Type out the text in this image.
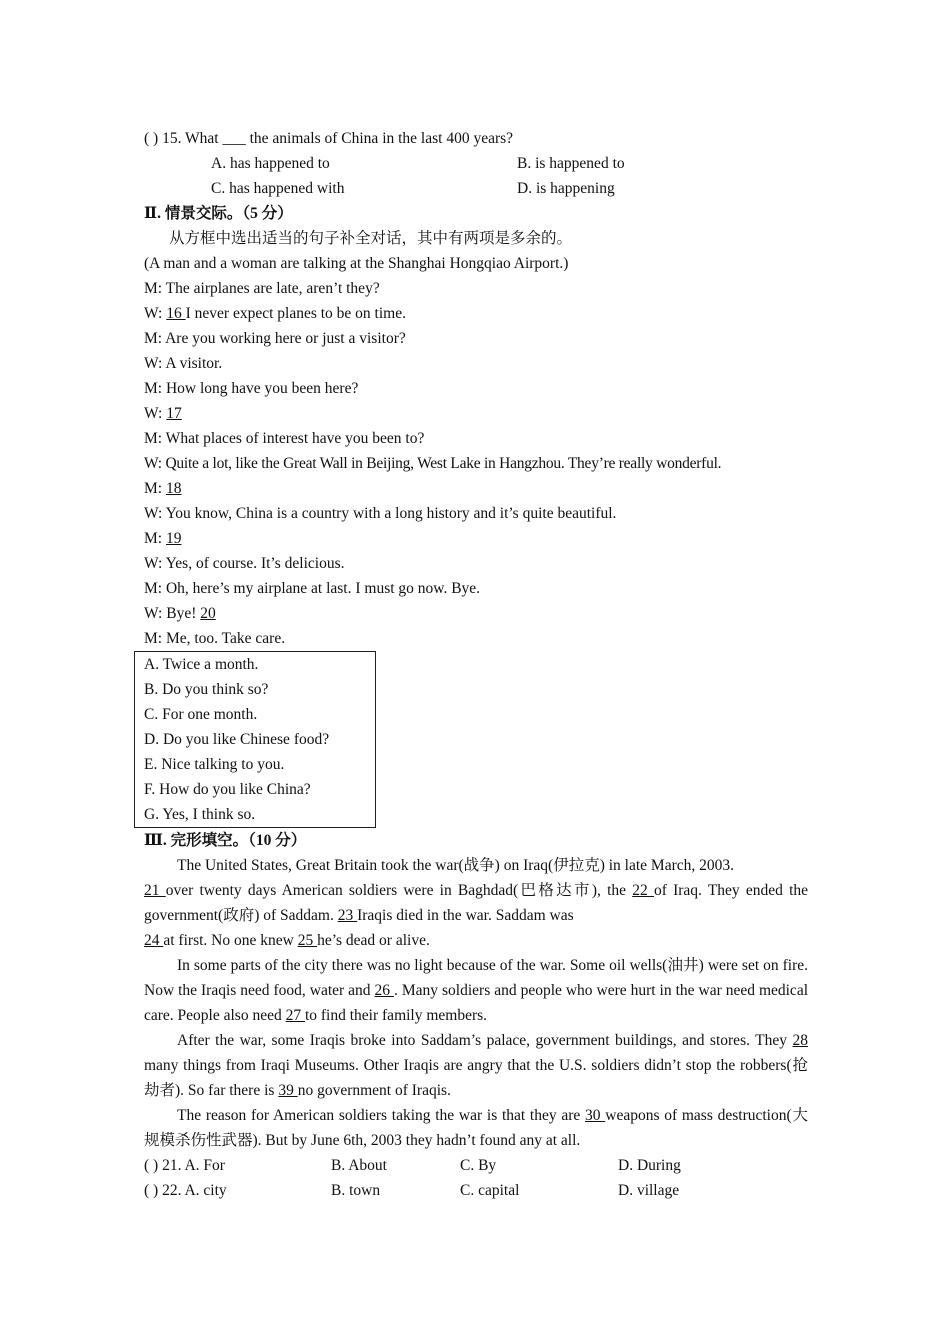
( ) 15. What ___ the animals of China in the last 400 years?
A. has happened to	B. is happened to
C. has happened with	D. is happening
Ⅱ. 情景交际。（5 分）
从方框中选出适当的句子补全对话，其中有两项是多余的。
(A man and a woman are talking at the Shanghai Hongqiao Airport.)
M: The airplanes are late, aren’t they?
W: 16 I never expect planes to be on time.
M: Are you working here or just a visitor?
W: A visitor.
M: How long have you been here?
W: 17
M: What places of interest have you been to?
W: Quite a lot, like the Great Wall in Beijing, West Lake in Hangzhou. They’re really wonderful.
M: 18
W: You know, China is a country with a long history and it’s quite beautiful.
M: 19
W: Yes, of course. It’s delicious.
M: Oh, here’s my airplane at last. I must go now. Bye.
W: Bye! 20
M: Me, too. Take care.
A. Twice a month.
B. Do you think so?
C. For one month.
D. Do you like Chinese food?
E. Nice talking to you.
F. How do you like China?
G. Yes, I think so.
Ⅲ. 完形填空。（10 分）
The United States, Great Britain took the war(战争) on Iraq(伊拉克) in late March, 2003.
21 over twenty days American soldiers were in Baghdad(巴格达市), the 22 of Iraq. They ended the government(政府) of Saddam. 23 Iraqis died in the war. Saddam was
24 at first. No one knew 25 he’s dead or alive.
In some parts of the city there was no light because of the war. Some oil wells(油井) were set on fire. Now the Iraqis need food, water and 26 . Many soldiers and people who were hurt in the war need medical care. People also need 27 to find their family members.
After the war, some Iraqis broke into Saddam’s palace, government buildings, and stores. They 28 many things from Iraqi Museums. Other Iraqis are angry that the U.S. soldiers didn’t stop the robbers(抢劫者). So far there is 39 no government of Iraqis.
The reason for American soldiers taking the war is that they are 30 weapons of mass destruction(大规模杀伤性武器). But by June 6th, 2003 they hadn’t found any at all.
( ) 21. A. For	B. About	C. By	D. During
( ) 22. A. city	B. town	C. capital	D. village
